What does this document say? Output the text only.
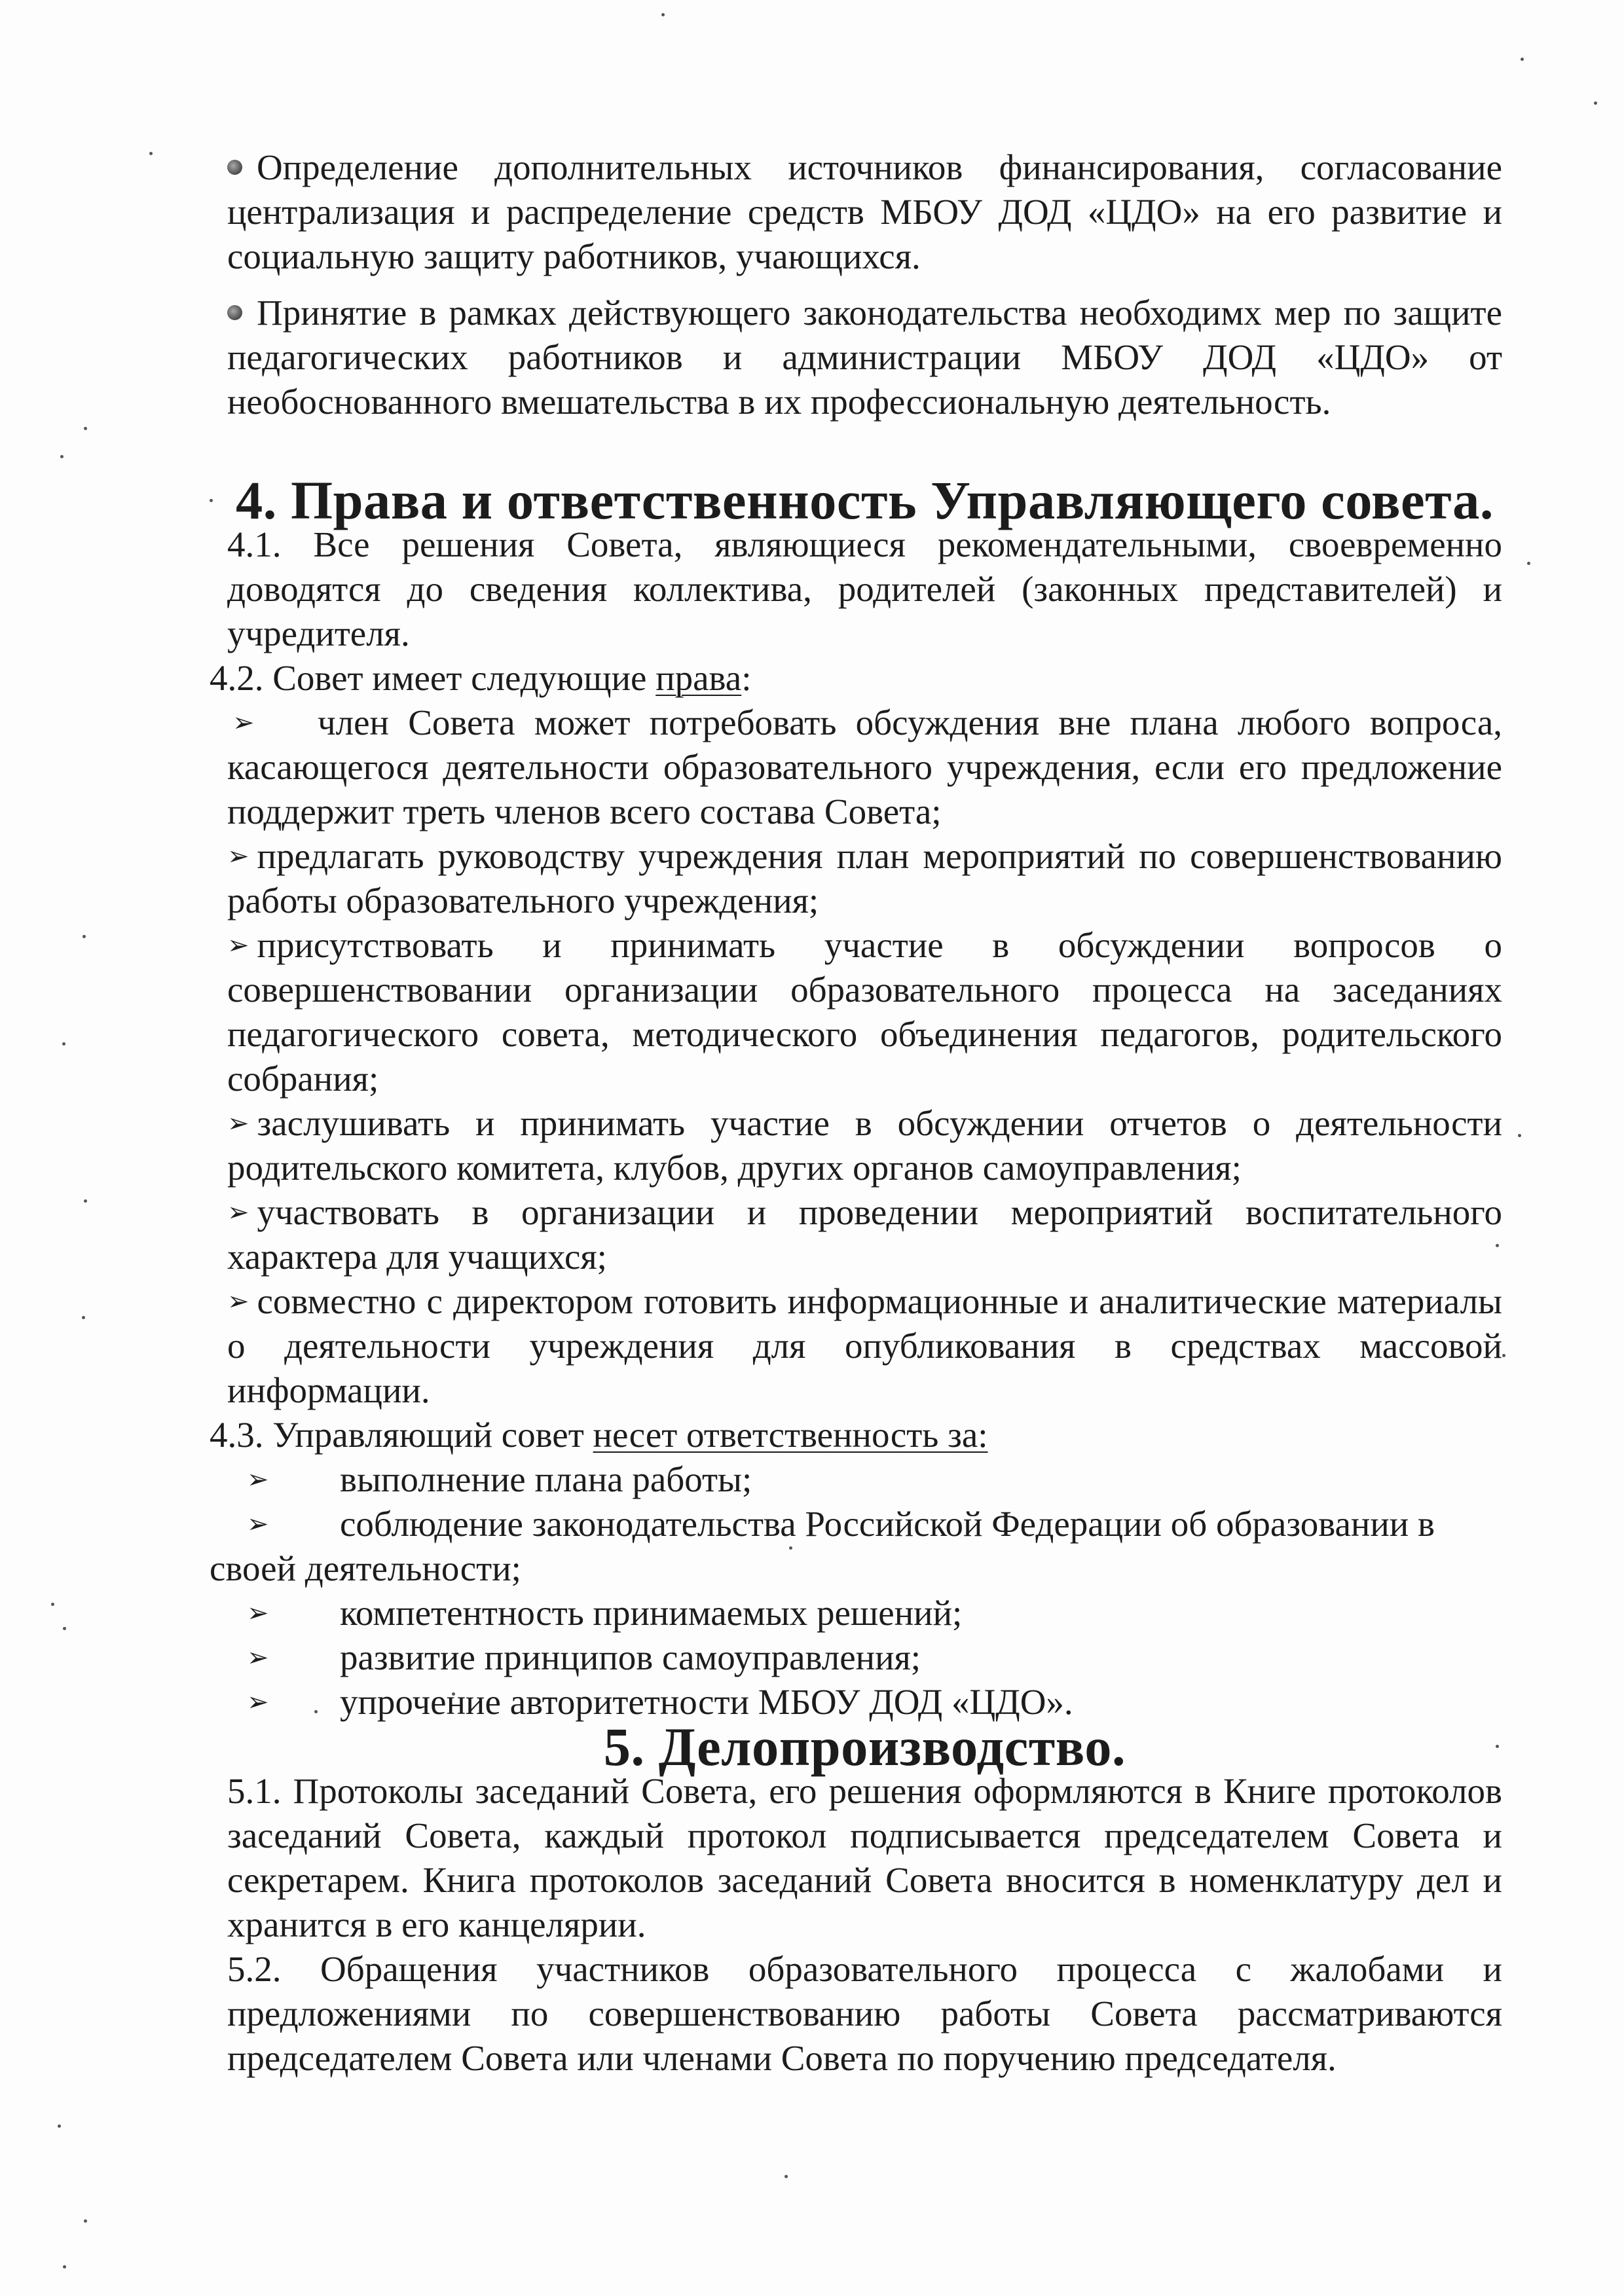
Определение дополнительных источников финансирования, согласование централизация и распределение средств МБОУ ДОД «ЦДО» на его развитие и социальную защиту работников, учающихся.

Принятие в рамках действующего законодательства необходимх мер по защите педагогических работников и администрации МБОУ ДОД «ЦДО» от необоснованного вмешательства в их профессиональную деятельность.

4. Права и ответственность Управляющего совета.

4.1. Все решения Совета, являющиеся рекомендательными, своевременно доводятся до сведения коллектива, родителей (законных представителей) и учредителя.

4.2. Совет имеет следующие права:

➢ член Совета может потребовать обсуждения вне плана любого вопроса, касающегося деятельности образовательного учреждения, если его предложение поддержит треть членов всего состава Совета;

➢ предлагать руководству учреждения план мероприятий по совершенствованию работы образовательного учреждения;

➢ присутствовать и принимать участие в обсуждении вопросов о совершенствовании организации образовательного процесса на заседаниях педагогического совета, методического объединения педагогов, родительского собрания;

➢ заслушивать и принимать участие в обсуждении отчетов о деятельности родительского комитета, клубов, других органов самоуправления;

➢ участвовать в организации и проведении мероприятий воспитательного характера для учащихся;

➢ совместно с директором готовить информационные и аналитические материалы о деятельности учреждения для опубликования в средствах массовой информации.

4.3. Управляющий совет несет ответственность за:

➢ выполнение плана работы;

➢ соблюдение законодательства Российской Федерации об образовании в

своей деятельности;

➢ компетентность принимаемых решений;

➢ развитие принципов самоуправления;

➢ упрочение авторитетности МБОУ ДОД «ЦДО».

5. Делопроизводство.

5.1. Протоколы заседаний Совета, его решения оформляются в Книге протоколов заседаний Совета, каждый протокол подписывается председателем Совета и секретарем. Книга протоколов заседаний Совета вносится в номенклатуру дел и хранится в его канцелярии.

5.2. Обращения участников образовательного процесса с жалобами и предложениями по совершенствованию работы Совета рассматриваются председателем Совета или членами Совета по поручению председателя.
